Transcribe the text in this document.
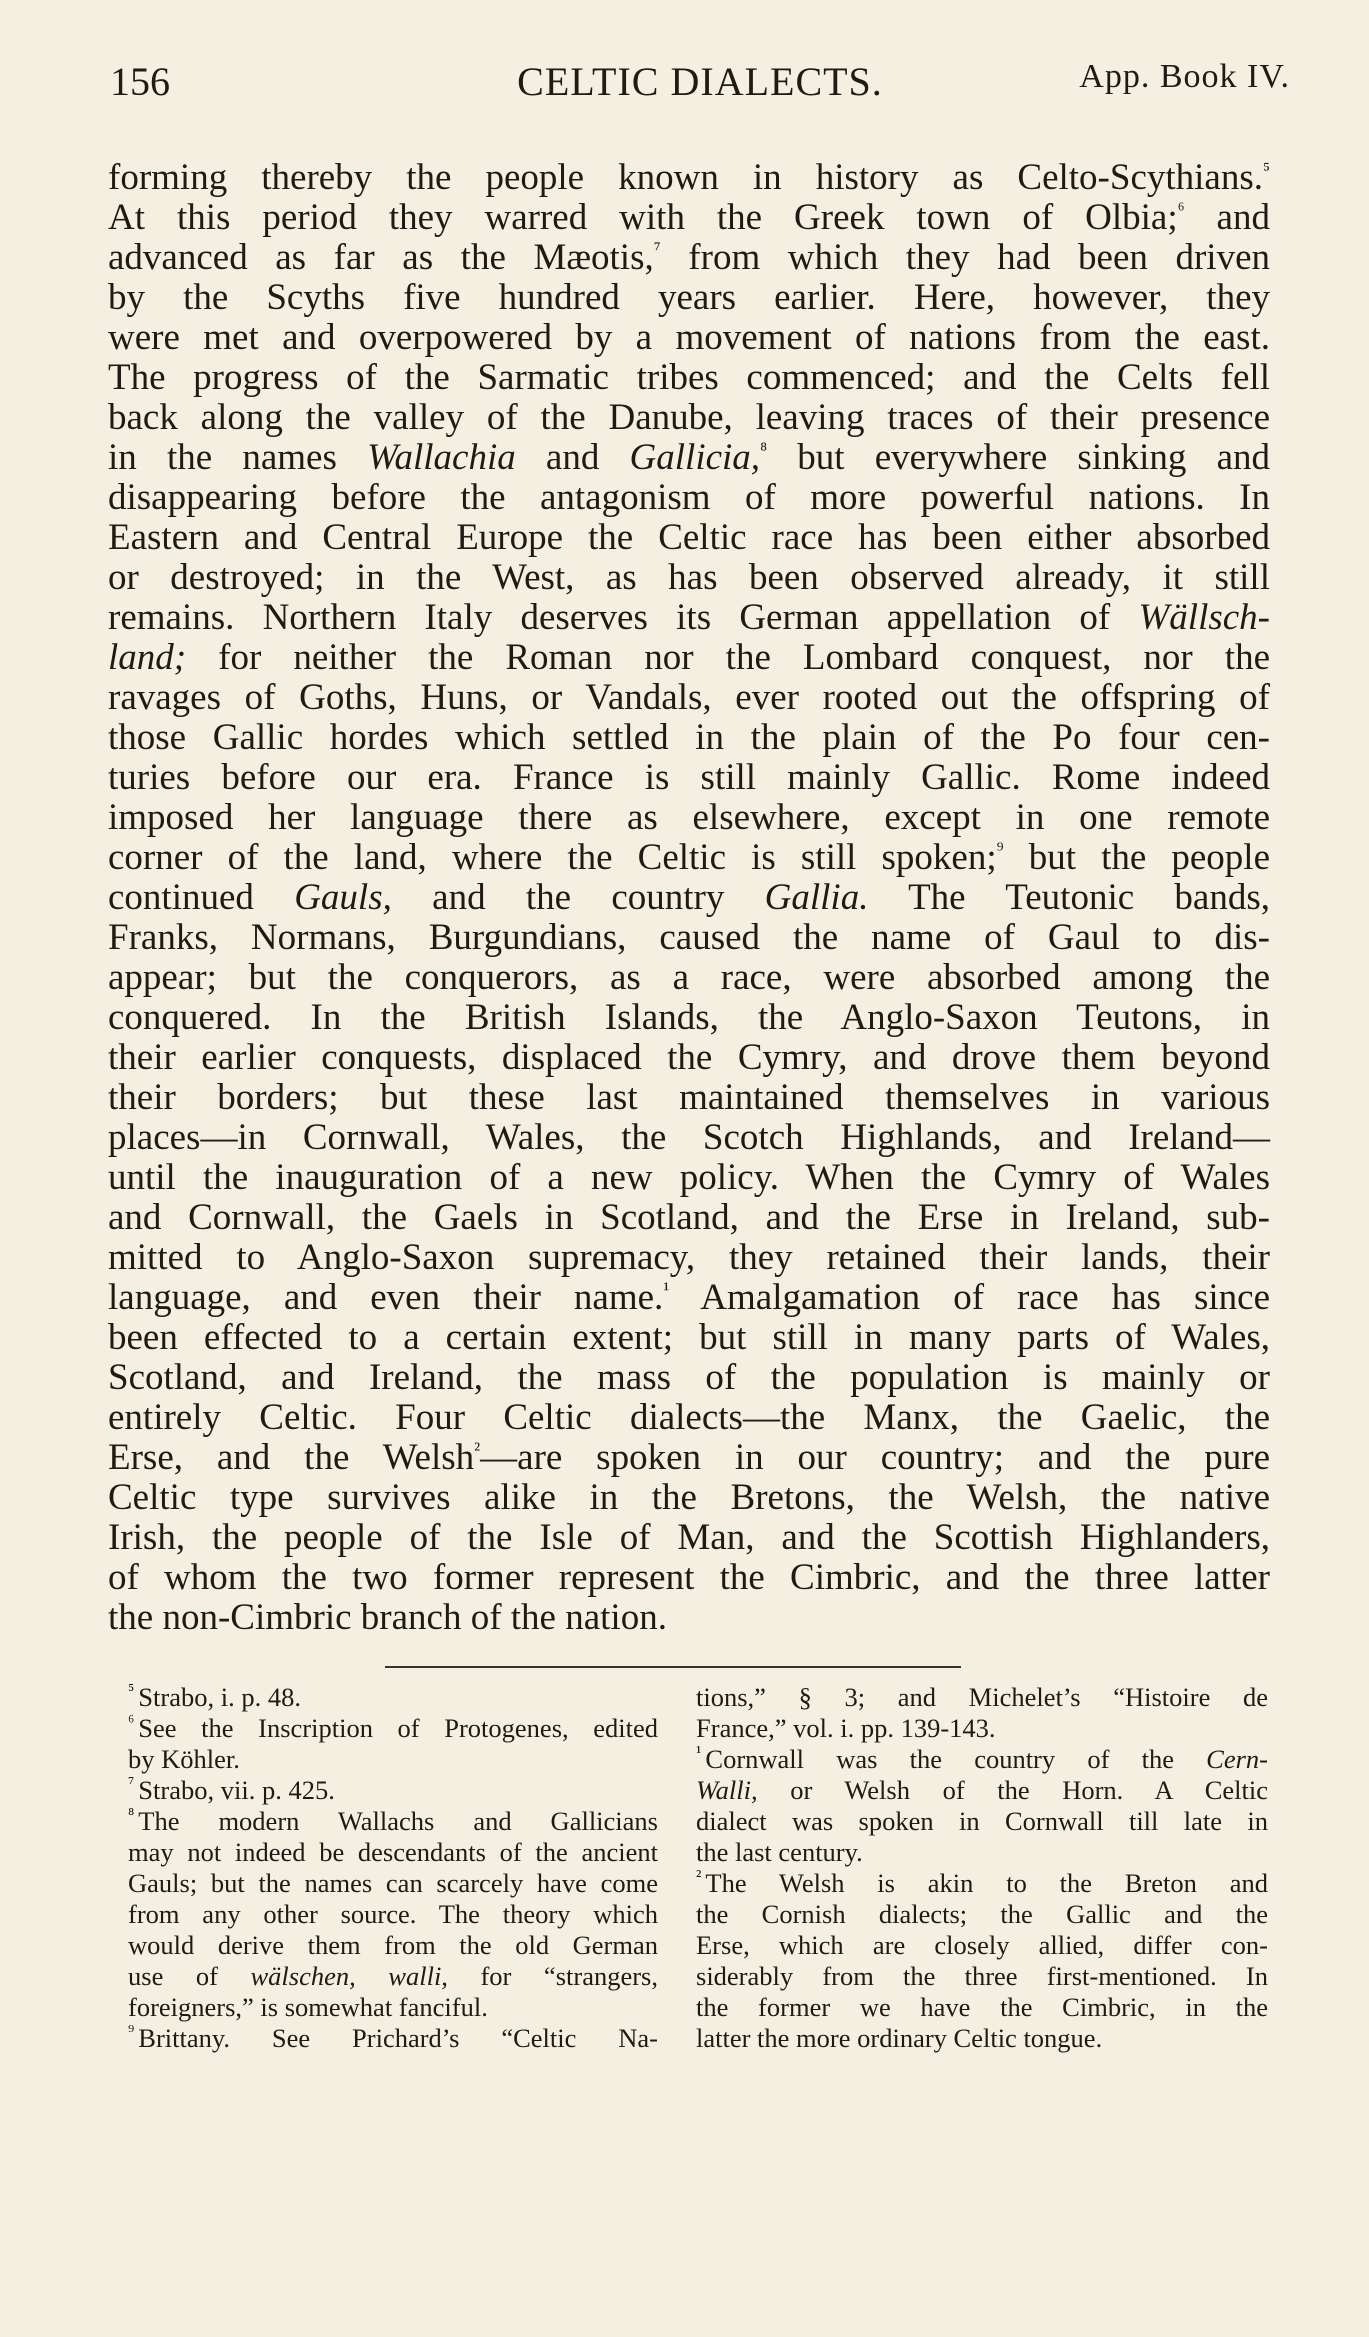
156	CELTIC DIALECTS.	App. Book IV.
forming thereby the people known in history as Celto-Scythians.$^{^5}$
At this period they warred with the Greek town of Olbia;$^{^6}$ and
advanced as far as the Mæotis,$^{^7}$ from which they had been driven
by the Scyths five hundred years earlier. Here, however, they
were met and overpowered by a movement of nations from the east.
The progress of the Sarmatic tribes commenced; and the Celts fell
back along the valley of the Danube, leaving traces of their presence
in the names Wallachia and Gallicia,$^{^8}$ but everywhere sinking and
disappearing before the antagonism of more powerful nations. In
Eastern and Central Europe the Celtic race has been either absorbed
or destroyed; in the West, as has been observed already, it still
remains. Northern Italy deserves its German appellation of Wällsch-
land; for neither the Roman nor the Lombard conquest, nor the
ravages of Goths, Huns, or Vandals, ever rooted out the offspring of
those Gallic hordes which settled in the plain of the Po four cen-
turies before our era. France is still mainly Gallic. Rome indeed
imposed her language there as elsewhere, except in one remote
corner of the land, where the Celtic is still spoken;$^{^9}$ but the people
continued Gauls, and the country Gallia. The Teutonic bands,
Franks, Normans, Burgundians, caused the name of Gaul to dis-
appear; but the conquerors, as a race, were absorbed among the
conquered. In the British Islands, the Anglo-Saxon Teutons, in
their earlier conquests, displaced the Cymry, and drove them beyond
their borders; but these last maintained themselves in various
places—in Cornwall, Wales, the Scotch Highlands, and Ireland—
until the inauguration of a new policy. When the Cymry of Wales
and Cornwall, the Gaels in Scotland, and the Erse in Ireland, sub-
mitted to Anglo-Saxon supremacy, they retained their lands, their
language, and even their name.$^{^1}$ Amalgamation of race has since
been effected to a certain extent; but still in many parts of Wales,
Scotland, and Ireland, the mass of the population is mainly or
entirely Celtic. Four Celtic dialects—the Manx, the Gaelic, the
Erse, and the Welsh$^{^2}$—are spoken in our country; and the pure
Celtic type survives alike in the Bretons, the Welsh, the native
Irish, the people of the Isle of Man, and the Scottish Highlanders,
of whom the two former represent the Cimbric, and the three latter
the non-Cimbric branch of the nation.
$^{^5}$ Strabo, i. p. 48.
$^{^6}$ See the Inscription of Protogenes, edited
by Köhler.
$^{^7}$ Strabo, vii. p. 425.
$^{^8}$ The modern Wallachs and Gallicians
may not indeed be descendants of the ancient
Gauls; but the names can scarcely have come
from any other source. The theory which
would derive them from the old German
use of wälschen, walli, for “strangers,
foreigners,” is somewhat fanciful.
$^{^9}$ Brittany. See Prichard’s “Celtic Na-
tions,” § 3; and Michelet’s “Histoire de
France,” vol. i. pp. 139-143.
$^{^1}$ Cornwall was the country of the Cern-
Walli, or Welsh of the Horn. A Celtic
dialect was spoken in Cornwall till late in
the last century.
$^{^2}$ The Welsh is akin to the Breton and
the Cornish dialects; the Gallic and the
Erse, which are closely allied, differ con-
siderably from the three first-mentioned. In
the former we have the Cimbric, in the
latter the more ordinary Celtic tongue.
